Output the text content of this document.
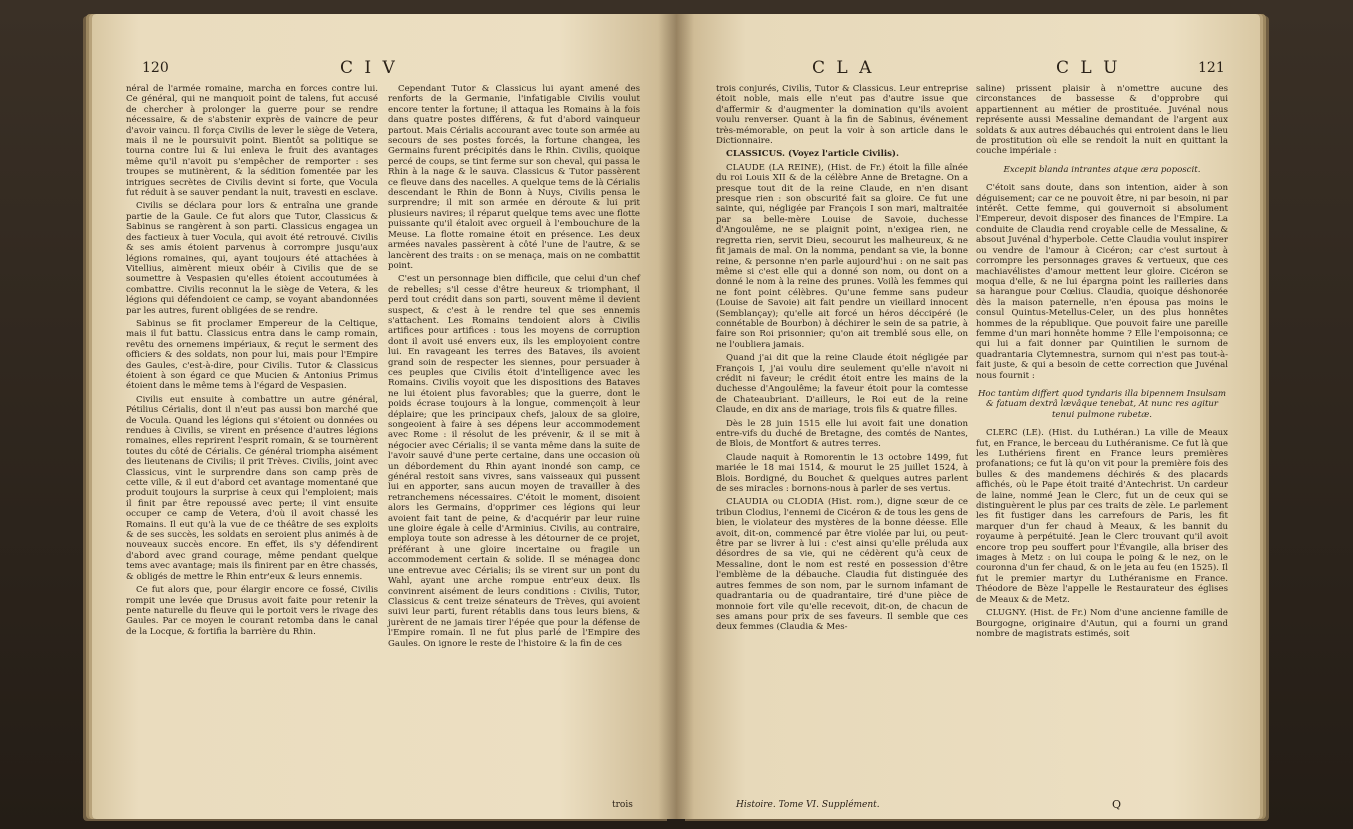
120	C I V

néral de l'armée romaine, marcha en forces contre lui. Ce général, qui ne manquoit point de talens, fut accusé de chercher à prolonger la guerre pour se rendre nécessaire, & de s'abstenir exprès de vaincre de peur d'avoir vaincu. Il força Civilis de lever le siège de Vetera, mais il ne le poursuivit point. Bientôt sa politique se tourna contre lui & lui enleva le fruit des avantages même qu'il n'avoit pu s'empêcher de remporter : ses troupes se mutinèrent, & la sédition fomentée par les intrigues secrètes de Civilis devint si forte, que Vocula fut réduit à se sauver pendant la nuit, travesti en esclave.

Civilis se déclara pour lors & entraîna une grande partie de la Gaule. Ce fut alors que Tutor, Classicus & Sabinus se rangèrent à son parti. Classicus engagea un des factieux à tuer Vocula, qui avoit été retrouvé. Civilis & ses amis étoient parvenus à corrompre jusqu'aux légions romaines, qui, ayant toujours été attachées à Vitellius, aimèrent mieux obéir à Civilis que de se soumettre à Vespasien qu'elles étoient accoutumées à combattre. Civilis reconnut la le siège de Vetera, & les légions qui défendoient ce camp, se voyant abandonnées par les autres, furent obligées de se rendre.

Sabinus se fit proclamer Empereur de la Celtique, mais il fut battu. Classicus entra dans le camp romain, revêtu des ornemens impériaux, & reçut le serment des officiers & des soldats, non pour lui, mais pour l'Empire des Gaules, c'est-à-dire, pour Civilis. Tutor & Classicus étoient à son égard ce que Mucien & Antonius Primus étoient dans le même tems à l'égard de Vespasien.

Civilis eut ensuite à combattre un autre général, Pétilius Cérialis, dont il n'eut pas aussi bon marché que de Vocula. Quand les légions qui s'étoient ou données ou rendues à Civilis, se virent en présence d'autres légions romaines, elles reprirent l'esprit romain, & se tournèrent toutes du côté de Cérialis. Ce général triompha aisément des lieutenans de Civilis; il prit Trèves. Civilis, joint avec Classicus, vint le surprendre dans son camp près de cette ville, & il eut d'abord cet avantage momentané que produit toujours la surprise à ceux qui l'emploient; mais il finit par être repoussé avec perte; il vint ensuite occuper ce camp de Vetera, d'où il avoit chassé les Romains. Il eut qu'à la vue de ce théâtre de ses exploits & de ses succès, les soldats en seroient plus animés à de nouveaux succès encore. En effet, ils s'y défendirent d'abord avec grand courage, même pendant quelque tems avec avantage; mais ils finirent par en être chassés, & obligés de mettre le Rhin entr'eux & leurs ennemis.

Ce fut alors que, pour élargir encore ce fossé, Civilis rompit une levée que Drusus avoit faite pour retenir la pente naturelle du fleuve qui le portoit vers le rivage des Gaules. Par ce moyen le courant retomba dans le canal de la Locque, & fortifia la barrière du Rhin.

Cependant Tutor & Classicus lui ayant amené des renforts de la Germanie, l'infatigable Civilis voulut encore tenter la fortune; il attaqua les Romains à la fois dans quatre postes différens, & fut d'abord vainqueur partout. Mais Cérialis accourant avec toute son armée au secours de ses postes forcés, la fortune changea, les Germains furent précipités dans le Rhin. Civilis, quoique percé de coups, se tint ferme sur son cheval, qui passa le Rhin à la nage & le sauva. Classicus & Tutor passèrent ce fleuve dans des nacelles. A quelque tems de là Cérialis descendant le Rhin de Bonn à Nuys, Civilis pensa le surprendre; il mit son armée en déroute & lui prit plusieurs navires; il réparut quelque tems avec une flotte puissante qu'il étaloit avec orgueil à l'embouchure de la Meuse. La flotte romaine étoit en présence. Les deux armées navales passèrent à côté l'une de l'autre, & se lancèrent des traits : on se menaça, mais on ne combattit point.

C'est un personnage bien difficile, que celui d'un chef de rebelles; s'il cesse d'être heureux & triomphant, il perd tout crédit dans son parti, souvent même il devient suspect, & c'est à le rendre tel que ses ennemis s'attachent. Les Romains tendoient alors à Civilis artifices pour artifices : tous les moyens de corruption dont il avoit usé envers eux, ils les employoient contre lui. En ravageant les terres des Bataves, ils avoient grand soin de respecter les siennes, pour persuader à ces peuples que Civilis étoit d'intelligence avec les Romains. Civilis voyoit que les dispositions des Bataves ne lui étoient plus favorables; que la guerre, dont le poids écrase toujours à la longue, commençoit à leur déplaire; que les principaux chefs, jaloux de sa gloire, songeoient à faire à ses dépens leur accommodement avec Rome : il résolut de les prévenir, & il se mit à négocier avec Cérialis; il se vanta même dans la suite de l'avoir sauvé d'une perte certaine, dans une occasion où un débordement du Rhin ayant inondé son camp, ce général restoit sans vivres, sans vaisseaux qui pussent lui en apporter, sans aucun moyen de travailler à des retranchemens nécessaires. C'étoit le moment, disoient alors les Germains, d'opprimer ces légions qui leur avoient fait tant de peine, & d'acquérir par leur ruine une gloire égale à celle d'Arminius. Civilis, au contraire, employa toute son adresse à les détourner de ce projet, préférant à une gloire incertaine ou fragile un accommodement certain & solide. Il se ménagea donc une entrevue avec Cérialis; ils se virent sur un pont du Wahl, ayant une arche rompue entr'eux deux. Ils convinrent aisément de leurs conditions : Civilis, Tutor, Classicus & cent treize sénateurs de Trèves, qui avoient suivi leur parti, furent rétablis dans tous leurs biens, & jurèrent de ne jamais tirer l'épée que pour la défense de l'Empire romain. Il ne fut plus parlé de l'Empire des Gaules. On ignore le reste de l'histoire & la fin de ces

trois
C L A	C L U	121

trois conjurés, Civilis, Tutor & Classicus. Leur entreprise étoit noble, mais elle n'eut pas d'autre issue que d'affermir & d'augmenter la domination qu'ils avoient voulu renverser. Quant à la fin de Sabinus, événement très-mémorable, on peut la voir à son article dans le Dictionnaire.

CLASSICUS. (Voyez l'article Civilis).

CLAUDE (LA REINE), (Hist. de Fr.) étoit la fille aînée du roi Louis XII & de la célèbre Anne de Bretagne. On a presque tout dit de la reine Claude, en n'en disant presque rien : son obscurité fait sa gloire. Ce fut une sainte, qui, négligée par François I son mari, maltraitée par sa belle-mère Louise de Savoie, duchesse d'Angoulême, ne se plaignit point, n'exigea rien, ne regretta rien, servit Dieu, secourut les malheureux, & ne fit jamais de mal. On la nomma, pendant sa vie, la bonne reine, & personne n'en parle aujourd'hui : on ne sait pas même si c'est elle qui a donné son nom, ou dont on a donné le nom à la reine des prunes. Voilà les femmes qui ne font point célèbres. Qu'une femme sans pudeur (Louise de Savoie) ait fait pendre un vieillard innocent (Semblançay); qu'elle ait forcé un héros déccipéré (le connétable de Bourbon) à déchirer le sein de sa patrie, à faire son Roi prisonnier; qu'on ait tremblé sous elle, on ne l'oubliera jamais.

Quand j'ai dit que la reine Claude étoit négligée par François I, j'ai voulu dire seulement qu'elle n'avoit ni crédit ni faveur; le crédit étoit entre les mains de la duchesse d'Angoulême; la faveur étoit pour la comtesse de Chateaubriant. D'ailleurs, le Roi eut de la reine Claude, en dix ans de mariage, trois fils & quatre filles.

Dès le 28 juin 1515 elle lui avoit fait une donation entre-vifs du duché de Bretagne, des comtés de Nantes, de Blois, de Montfort & autres terres.

Claude naquit à Romorentin le 13 octobre 1499, fut mariée le 18 mai 1514, & mourut le 25 juillet 1524, à Blois. Bordigné, du Bouchet & quelques autres parlent de ses miracles : bornons-nous à parler de ses vertus.

CLAUDIA ou CLODIA (Hist. rom.), digne sœur de ce tribun Clodius, l'ennemi de Cicéron & de tous les gens de bien, le violateur des mystères de la bonne déesse. Elle avoit, dit-on, commencé par être violée par lui, ou peut-être par se livrer à lui : c'est ainsi qu'elle préluda aux désordres de sa vie, qui ne cédèrent qu'à ceux de Messaline, dont le nom est resté en possession d'être l'emblème de la débauche. Claudia fut distinguée des autres femmes de son nom, par le surnom infamant de quadrantaria ou de quadrantaire, tiré d'une pièce de monnoie fort vile qu'elle recevoit, dit-on, de chacun de ses amans pour prix de ses faveurs. Il semble que ces deux femmes (Claudia & Mes-

saline) prissent plaisir à n'omettre aucune des circonstances de bassesse & d'opprobre qui appartiennent au métier de prostituée. Juvénal nous représente aussi Messaline demandant de l'argent aux soldats & aux autres débauchés qui entroient dans le lieu de prostitution où elle se rendoit la nuit en quittant la couche impériale :

Excepit blanda intrantes atque æra poposcit.

C'étoit sans doute, dans son intention, aider à son déguisement; car ce ne pouvoit être, ni par besoin, ni par intérêt. Cette femme, qui gouvernoit si absolument l'Empereur, devoit disposer des finances de l'Empire. La conduite de Claudia rend croyable celle de Messaline, & absout Juvénal d'hyperbole. Cette Claudia voulut inspirer ou vendre de l'amour à Cicéron; car c'est surtout à corrompre les personnages graves & vertueux, que ces machiavélistes d'amour mettent leur gloire. Cicéron se moqua d'elle, & ne lui épargna point les railleries dans sa harangue pour Cœlius. Claudia, quoique déshonorée dès la maison paternelle, n'en épousa pas moins le consul Quintus-Metellus-Celer, un des plus honnêtes hommes de la république. Que pouvoit faire une pareille femme d'un mari honnête homme ? Elle l'empoisonna; ce qui lui a fait donner par Quintilien le surnom de quadrantaria Clytemnestra, surnom qui n'est pas tout-à-fait juste, & qui a besoin de cette correction que Juvénal nous fournit :

Hoc tantùm differt quod tyndaris illa bipennem Insulsam & fatuam dextrâ lævâque tenebat, At nunc res agitur tenui pulmone rubetæ.

CLERC (LE). (Hist. du Luthéran.) La ville de Meaux fut, en France, le berceau du Luthéranisme. Ce fut là que les Luthériens firent en France leurs premières profanations; ce fut là qu'on vit pour la première fois des bulles & des mandemens déchirés & des placards affichés, où le Pape étoit traité d'Antechrist. Un cardeur de laine, nommé Jean le Clerc, fut un de ceux qui se distinguèrent le plus par ces traits de zèle. Le parlement les fit fustiger dans les carrefours de Paris, les fit marquer d'un fer chaud à Meaux, & les bannit du royaume à perpétuité. Jean le Clerc trouvant qu'il avoit encore trop peu souffert pour l'Évangile, alla briser des images à Metz : on lui coupa le poing & le nez, on le couronna d'un fer chaud, & on le jeta au feu (en 1525). Il fut le premier martyr du Luthéranisme en France. Théodore de Bèze l'appelle le Restaurateur des églises de Meaux & de Metz.

CLUGNY. (Hist. de Fr.) Nom d'une ancienne famille de Bourgogne, originaire d'Autun, qui a fourni un grand nombre de magistrats estimés, soit

Histoire. Tome VI. Supplément.	Q
